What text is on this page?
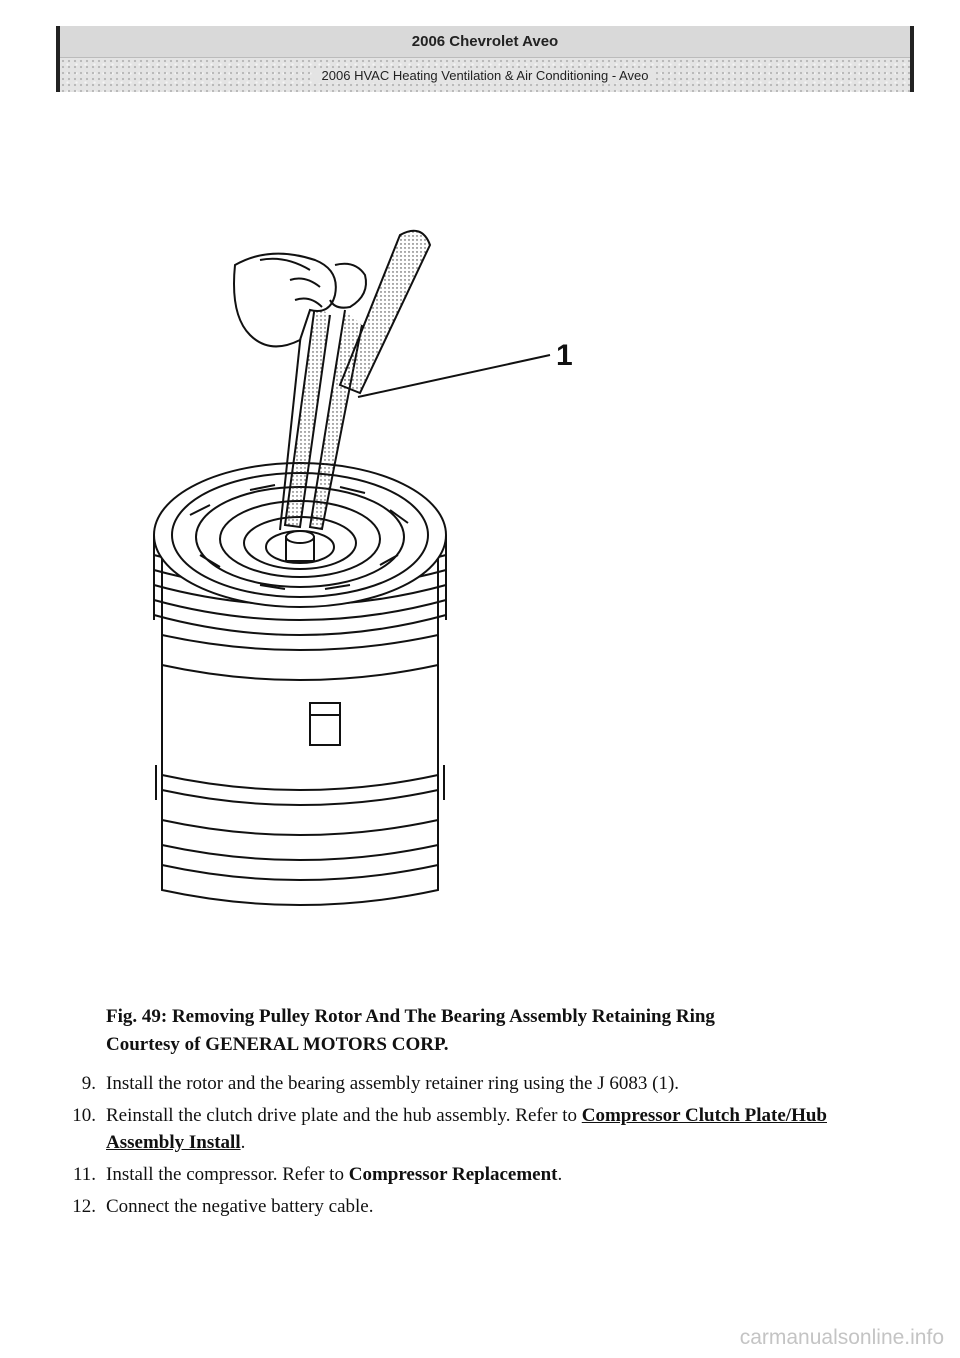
2006 Chevrolet Aveo
2006 HVAC Heating Ventilation & Air Conditioning - Aveo
1
Fig. 49: Removing Pulley Rotor And The Bearing Assembly Retaining Ring
Courtesy of GENERAL MOTORS CORP.
9. Install the rotor and the bearing assembly retainer ring using the J 6083 (1).
10. Reinstall the clutch drive plate and the hub assembly. Refer to Compressor Clutch Plate/Hub Assembly Install.
11. Install the compressor. Refer to Compressor Replacement.
12. Connect the negative battery cable.
carmanualsonline.info
